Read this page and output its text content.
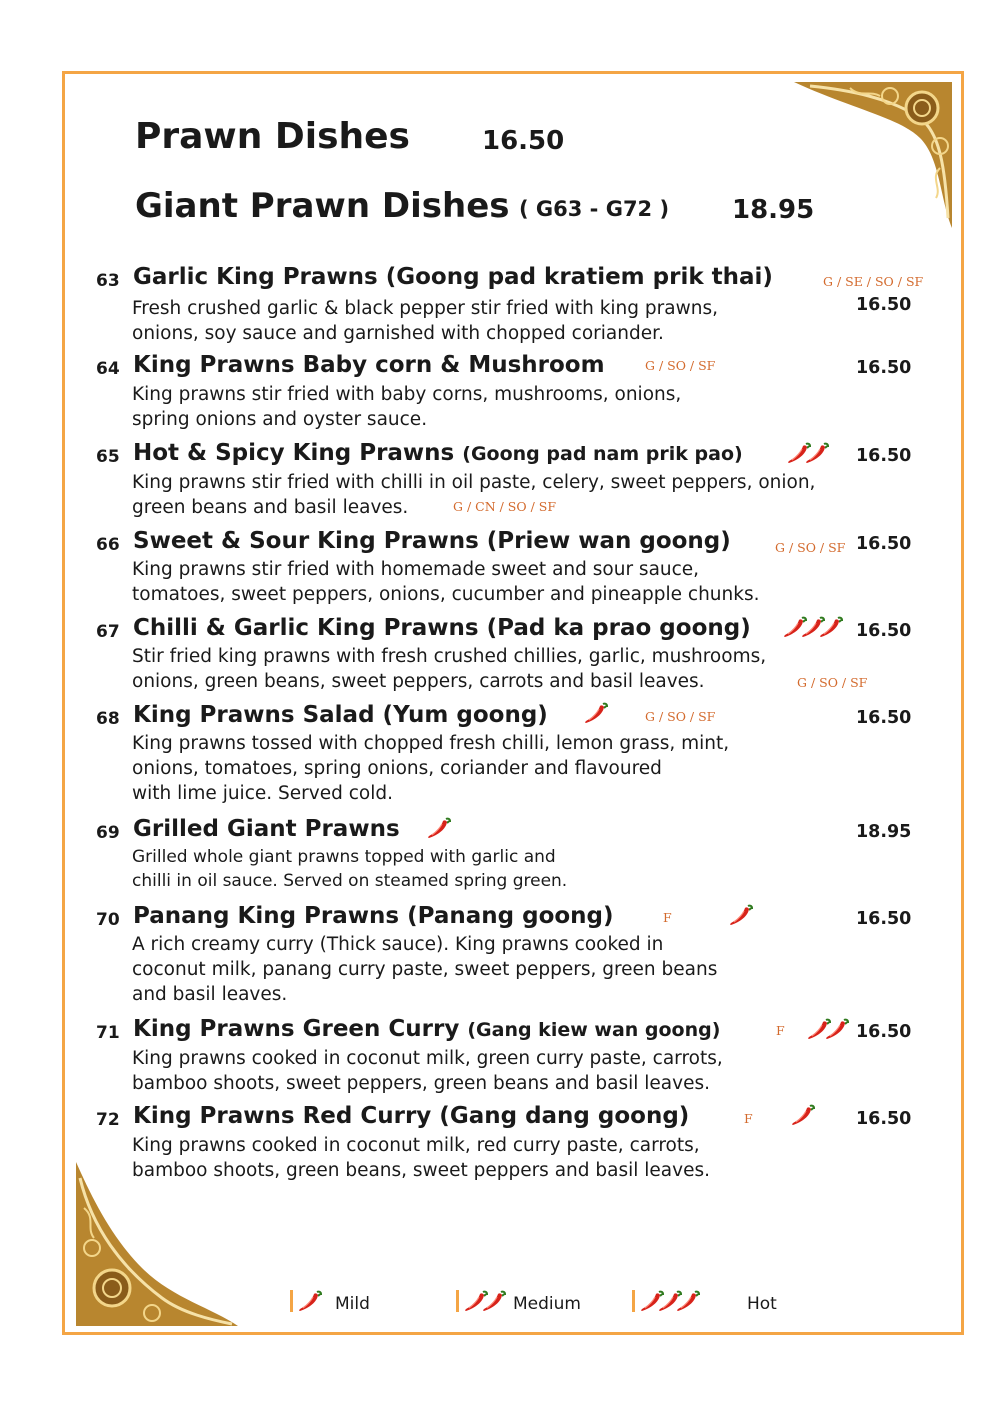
Prawn Dishes	16.50
Giant Prawn Dishes ( G63 - G72 ) 18.95
63 Garlic King Prawns (Goong pad kratiem prik thai)	G / SE / SO / SF
16.50
Fresh crushed garlic & black pepper stir fried with king prawns,
onions, soy sauce and garnished with chopped coriander.
64 King Prawns Baby corn & Mushroom	G / SO / SF	16.50
King prawns stir fried with baby corns, mushrooms, onions,
spring onions and oyster sauce.
65 Hot & Spicy King Prawns (Goong pad nam prik pao)	16.50
King prawns stir fried with chilli in oil paste, celery, sweet peppers, onion,
green beans and basil leaves.	G / CN / SO / SF
66 Sweet & Sour King Prawns (Priew wan goong)	G / SO / SF 16.50
King prawns stir fried with homemade sweet and sour sauce,
tomatoes, sweet peppers, onions, cucumber and pineapple chunks.
67 Chilli & Garlic King Prawns (Pad ka prao goong)	16.50
Stir fried king prawns with fresh crushed chillies, garlic, mushrooms,
onions, green beans, sweet peppers, carrots and basil leaves.	G / SO / SF
68 King Prawns Salad (Yum goong)	G / SO / SF	16.50
King prawns tossed with chopped fresh chilli, lemon grass, mint,
onions, tomatoes, spring onions, coriander and flavoured
with lime juice. Served cold.
69 Grilled Giant Prawns	18.95
Grilled whole giant prawns topped with garlic and
chilli in oil sauce. Served on steamed spring green.
70 Panang King Prawns (Panang goong)	F	16.50
A rich creamy curry (Thick sauce). King prawns cooked in
coconut milk, panang curry paste, sweet peppers, green beans
and basil leaves.
71 King Prawns Green Curry (Gang kiew wan goong)	F	16.50
King prawns cooked in coconut milk, green curry paste, carrots,
bamboo shoots, sweet peppers, green beans and basil leaves.
72 King Prawns Red Curry (Gang dang goong)	F	16.50
King prawns cooked in coconut milk, red curry paste, carrots,
bamboo shoots, green beans, sweet peppers and basil leaves.
Mild	Medium	Hot
